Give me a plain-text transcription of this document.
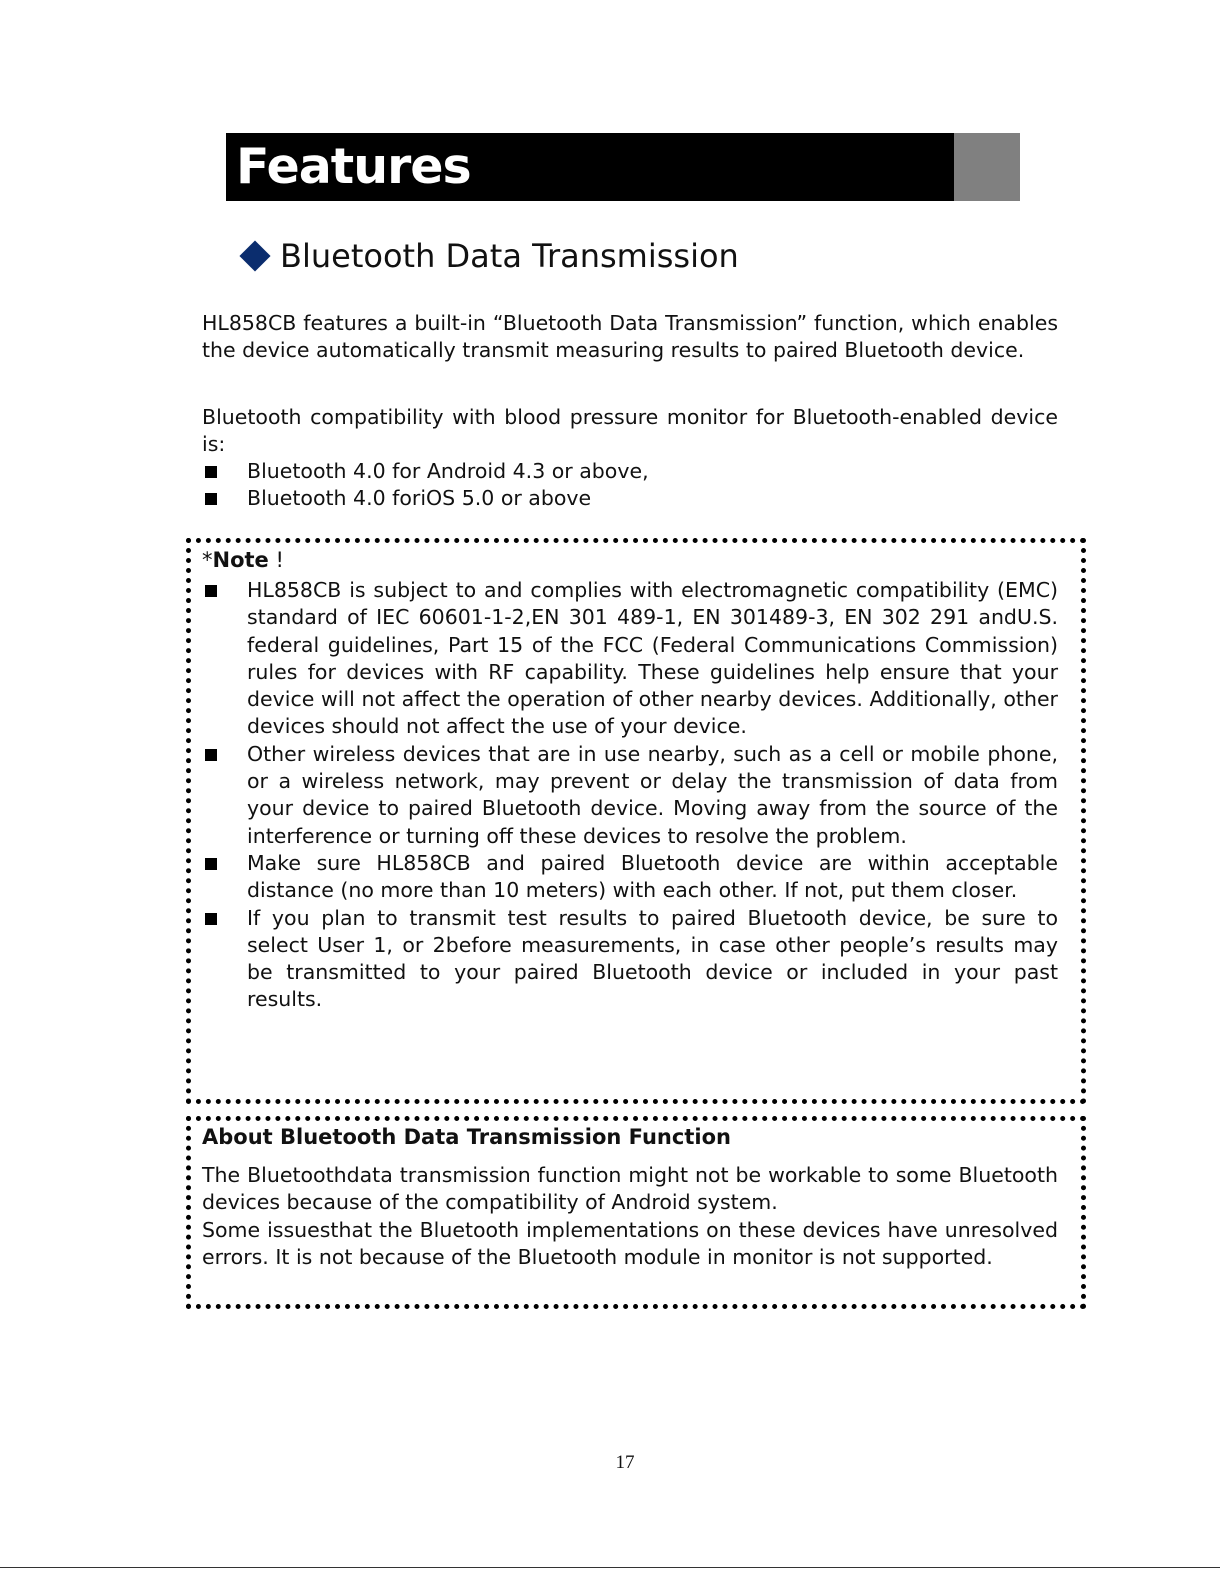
Features
Bluetooth Data Transmission
HL858CB features a built-in “Bluetooth Data Transmission” function, which enables the device automatically transmit measuring results to paired Bluetooth device.
Bluetooth compatibility with blood pressure monitor for Bluetooth-enabled device is:
Bluetooth 4.0 for Android 4.3 or above,
Bluetooth 4.0 foriOS 5.0 or above
*Note !
HL858CB is subject to and complies with electromagnetic compatibility (EMC) standard of IEC 60601-1-2,EN 301 489-1, EN 301489-3, EN 302 291 andU.S. federal guidelines, Part 15 of the FCC (Federal Communications Commission) rules for devices with RF capability. These guidelines help ensure that your device will not affect the operation of other nearby devices. Additionally, other devices should not affect the use of your device.
Other wireless devices that are in use nearby, such as a cell or mobile phone, or a wireless network, may prevent or delay the transmission of data from your device to paired Bluetooth device. Moving away from the source of the interference or turning off these devices to resolve the problem.
Make sure HL858CB and paired Bluetooth device are within acceptable distance (no more than 10 meters) with each other. If not, put them closer.
If you plan to transmit test results to paired Bluetooth device, be sure to select User 1, or 2before measurements, in case other people’s results may be transmitted to your paired Bluetooth device or included in your past results.
About Bluetooth Data Transmission Function

The Bluetoothdata transmission function might not be workable to some Bluetooth devices because of the compatibility of Android system.

Some issuesthat the Bluetooth implementations on these devices have unresolved errors. It is not because of the Bluetooth module in monitor is not supported.

17
